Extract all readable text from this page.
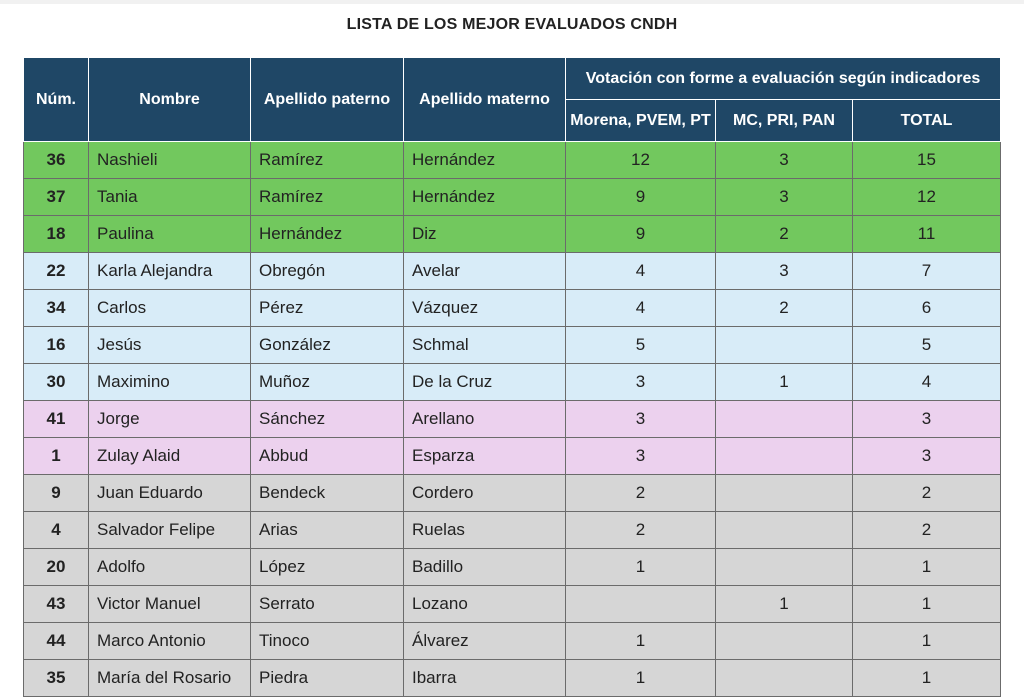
LISTA DE LOS MEJOR EVALUADOS CNDH
Núm.	Nombre	Apellido paterno	Apellido materno	Votación con forme a evaluación según indicadores		
				Morena, PVEM, PT	MC, PRI, PAN	TOTAL
36	Nashieli	Ramírez	Hernández	12	3	15
37	Tania	Ramírez	Hernández	9	3	12
18	Paulina	Hernández	Diz	9	2	11
22	Karla Alejandra	Obregón	Avelar	4	3	7
34	Carlos	Pérez	Vázquez	4	2	6
16	Jesús	González	Schmal	5		5
30	Maximino	Muñoz	De la Cruz	3	1	4
41	Jorge	Sánchez	Arellano	3		3
1	Zulay Alaid	Abbud	Esparza	3		3
9	Juan Eduardo	Bendeck	Cordero	2		2
4	Salvador Felipe	Arias	Ruelas	2		2
20	Adolfo	López	Badillo	1		1
43	Victor Manuel	Serrato	Lozano		1	1
44	Marco Antonio	Tinoco	Álvarez	1		1
35	María del Rosario	Piedra	Ibarra	1		1
